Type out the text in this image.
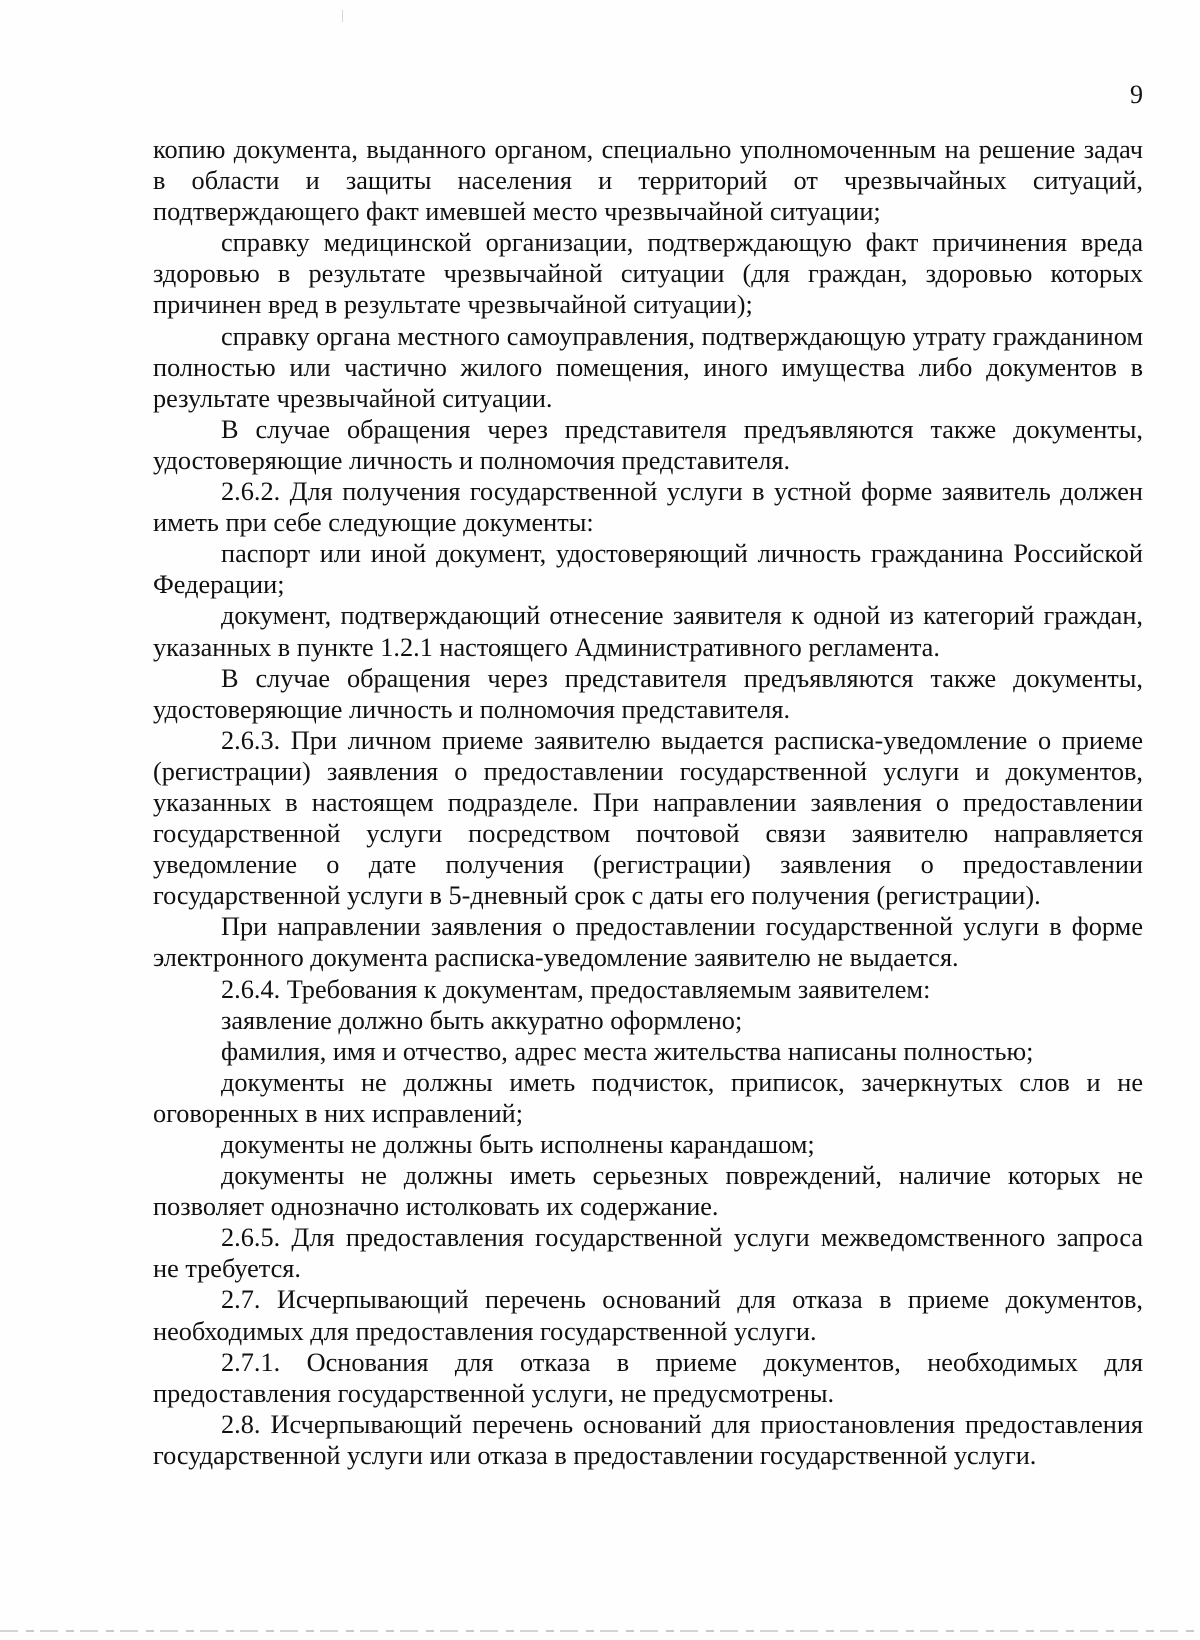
9

копию документа, выданного органом, специально уполномоченным на решение задач в области и защиты населения и территорий от чрезвычайных ситуаций, подтверждающего факт имевшей место чрезвычайной ситуации;

справку медицинской организации, подтверждающую факт причинения вреда здоровью в результате чрезвычайной ситуации (для граждан, здоровью которых причинен вред в результате чрезвычайной ситуации);

справку органа местного самоуправления, подтверждающую утрату гражданином полностью или частично жилого помещения, иного имущества либо документов в результате чрезвычайной ситуации.

В случае обращения через представителя предъявляются также документы, удостоверяющие личность и полномочия представителя.

2.6.2. Для получения государственной услуги в устной форме заявитель должен иметь при себе следующие документы:

паспорт или иной документ, удостоверяющий личность гражданина Российской Федерации;

документ, подтверждающий отнесение заявителя к одной из категорий граждан, указанных в пункте 1.2.1 настоящего Административного регламента.

В случае обращения через представителя предъявляются также документы, удостоверяющие личность и полномочия представителя.

2.6.3. При личном приеме заявителю выдается расписка-уведомление о приеме (регистрации) заявления о предоставлении государственной услуги и документов, указанных в настоящем подразделе. При направлении заявления о предоставлении государственной услуги посредством почтовой связи заявителю направляется уведомление о дате получения (регистрации) заявления о предоставлении государственной услуги в 5-дневный срок с даты его получения (регистрации).

При направлении заявления о предоставлении государственной услуги в форме электронного документа расписка-уведомление заявителю не выдается.

2.6.4. Требования к документам, предоставляемым заявителем:

заявление должно быть аккуратно оформлено;

фамилия, имя и отчество, адрес места жительства написаны полностью;

документы не должны иметь подчисток, приписок, зачеркнутых слов и не оговоренных в них исправлений;

документы не должны быть исполнены карандашом;

документы не должны иметь серьезных повреждений, наличие которых не позволяет однозначно истолковать их содержание.

2.6.5. Для предоставления государственной услуги межведомственного запроса не требуется.

2.7. Исчерпывающий перечень оснований для отказа в приеме документов, необходимых для предоставления государственной услуги.

2.7.1. Основания для отказа в приеме документов, необходимых для предоставления государственной услуги, не предусмотрены.

2.8. Исчерпывающий перечень оснований для приостановления предоставления государственной услуги или отказа в предоставлении государственной услуги.
